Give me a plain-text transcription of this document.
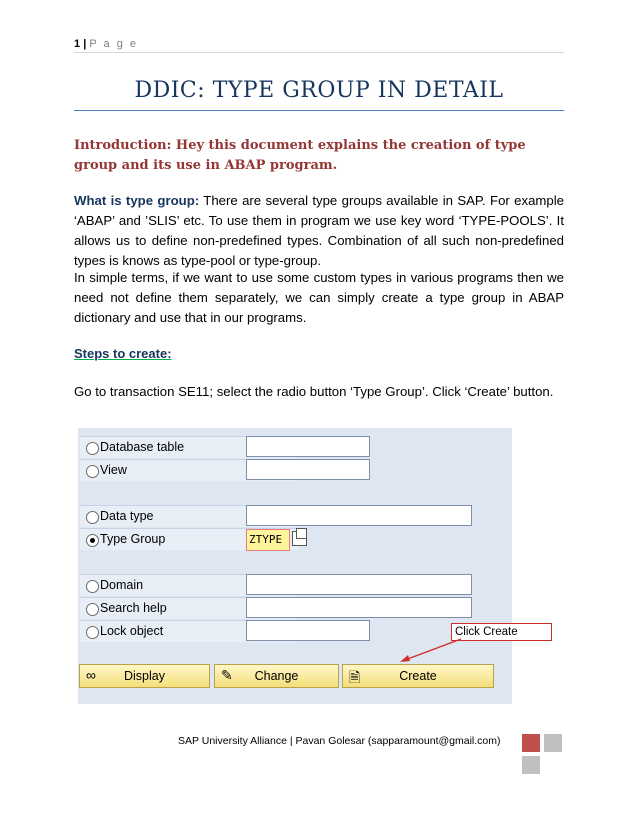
1 | P a g e
DDIC: TYPE GROUP IN DETAIL
Introduction: Hey this document explains the creation of type group and its use in ABAP program.
What is type group: There are several type groups available in SAP. For example ‘ABAP’ and ’SLIS’ etc. To use them in program we use key word ‘TYPE-POOLS’. It allows us to define non-predefined types. Combination of all such non-predefined types is knows as type-pool or type-group.
In simple terms, if we want to use some custom types in various programs then we need not define them separately, we can simply create a type group in ABAP dictionary and use that in our programs.
Steps to create:
Go to transaction SE11; select the radio button ‘Type Group’. Click ‘Create’ button.
Database table
View
Data type
Type Group
Domain
Search help
Lock object
ZTYPE
Click Create
∞	Display	✎	Change	🗎	Create
SAP University Alliance | Pavan Golesar (sapparamount@gmail.com)
